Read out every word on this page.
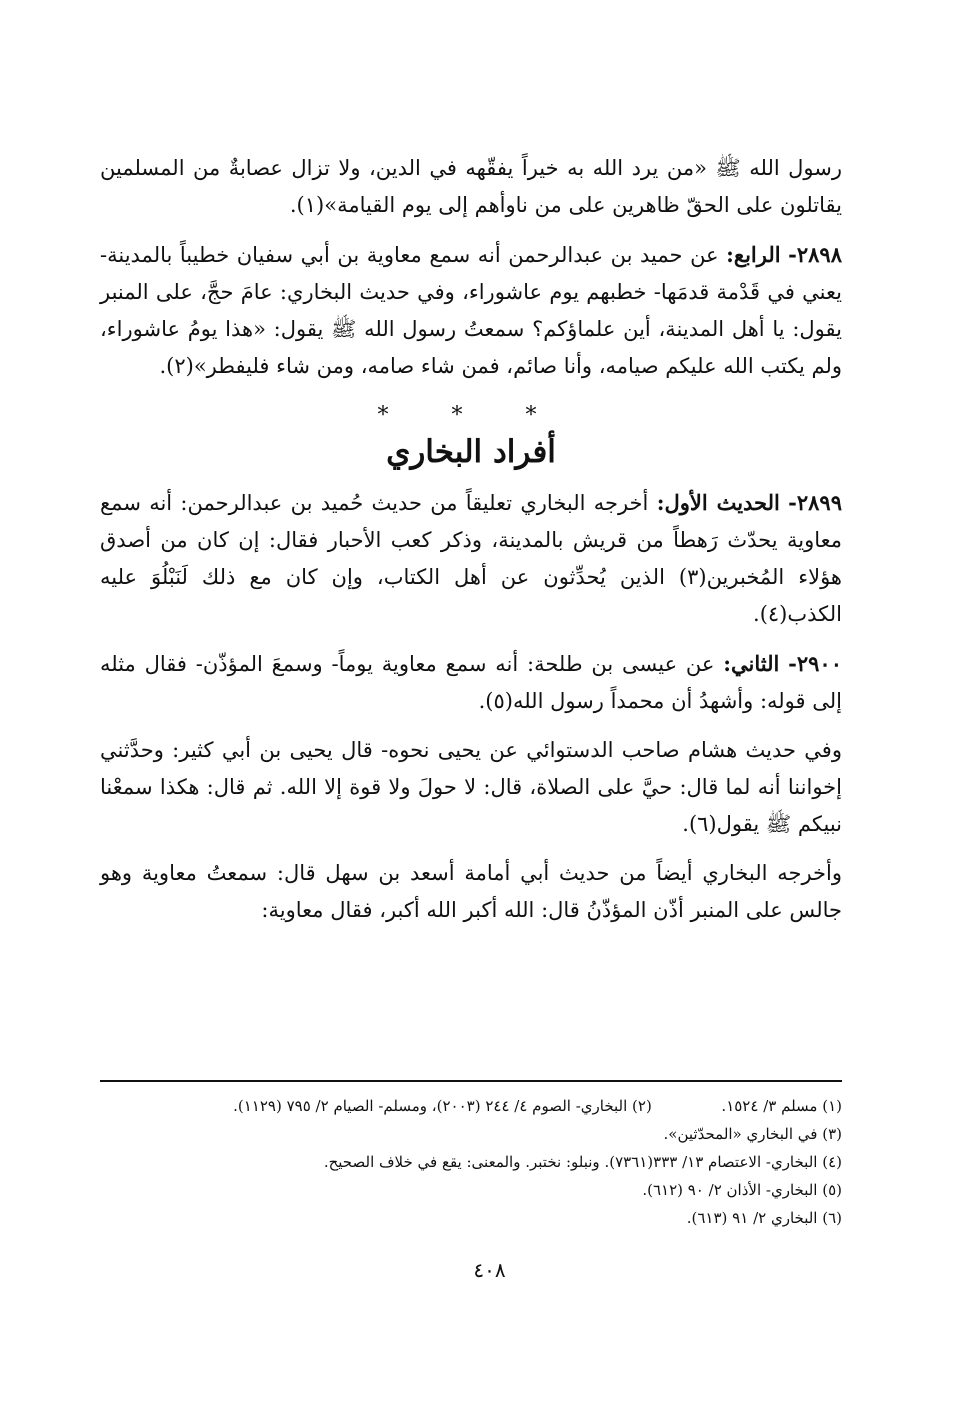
رسول الله ﷺ «من يرد الله به خيراً يفقّهه في الدين، ولا تزال عصابةٌ من المسلمين يقاتلون على الحقّ ظاهرين على من ناوأهم إلى يوم القيامة»(١).

٢٨٩٨- الرابع: عن حميد بن عبدالرحمن أنه سمع معاوية بن أبي سفيان خطيباً بالمدينة- يعني في قَدْمة قدمَها- خطبهم يوم عاشوراء، وفي حديث البخاري: عامَ حجَّ، على المنبر يقول: يا أهل المدينة، أين علماؤكم؟ سمعتُ رسول الله ﷺ يقول: «هذا يومُ عاشوراء، ولم يكتب الله عليكم صيامه، وأنا صائم، فمن شاء صامه، ومن شاء فليفطر»(٢).

* * *
أفراد البخاري

٢٨٩٩- الحديث الأول: أخرجه البخاري تعليقاً من حديث حُميد بن عبدالرحمن: أنه سمع معاوية يحدّث رَهطاً من قريش بالمدينة، وذكر كعب الأحبار فقال: إن كان من أصدق هؤلاء المُخبرين(٣) الذين يُحدِّثون عن أهل الكتاب، وإن كان مع ذلك لَنَبْلُوَ عليه الكذب(٤).

٢٩٠٠- الثاني: عن عيسى بن طلحة: أنه سمع معاوية يوماً- وسمعَ المؤذّن- فقال مثله إلى قوله: وأشهدُ أن محمداً رسول الله(٥).

وفي حديث هشام صاحب الدستوائي عن يحيى نحوه- قال يحيى بن أبي كثير: وحدَّثني إخواننا أنه لما قال: حيَّ على الصلاة، قال: لا حولَ ولا قوة إلا الله. ثم قال: هكذا سمعْنا نبيكم ﷺ يقول(٦).

وأخرجه البخاري أيضاً من حديث أبي أمامة أسعد بن سهل قال: سمعتُ معاوية وهو جالس على المنبر أذّن المؤذّنُ قال: الله أكبر الله أكبر، فقال معاوية:

(١) مسلم ٣/ ١٥٢٤.  (٢) البخاري- الصوم ٤/ ٢٤٤ (٢٠٠٣)، ومسلم- الصيام ٢/ ٧٩٥ (١١٢٩).
(٣) في البخاري «المحدّثين».
(٤) البخاري- الاعتصام ١٣/ ٣٣٣(٧٣٦١). ونبلو: نختبر. والمعنى: يقع في خلاف الصحيح.
(٥) البخاري- الأذان ٢/ ٩٠ (٦١٢).
(٦) البخاري ٢/ ٩١ (٦١٣).
٤٠٨
